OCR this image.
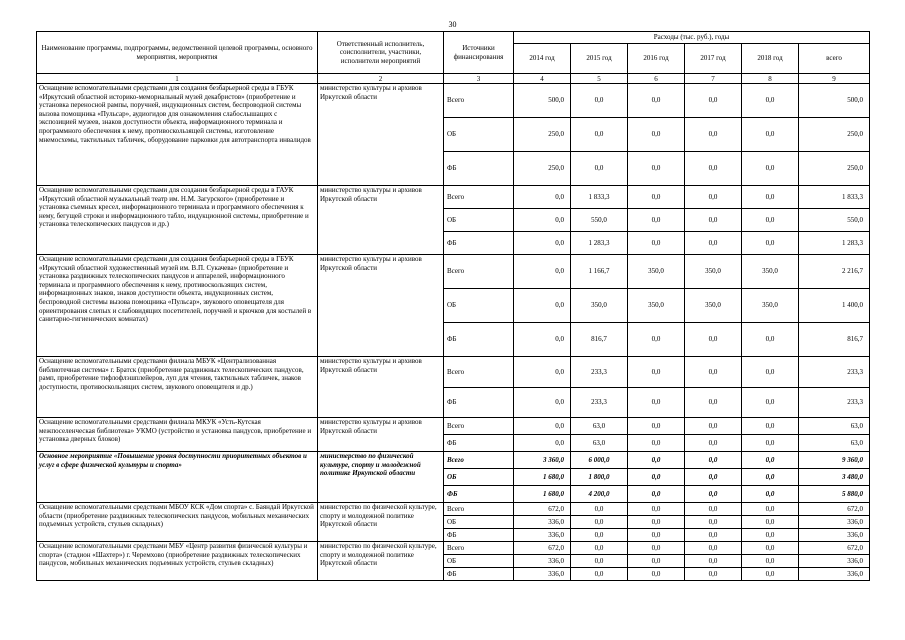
30
Наименование программы, подпрограммы, ведомственной целевой программы, основного мероприятия, мероприятия	Ответственный исполнитель, соисполнители, участники, исполнители мероприятий	Источники финансирования	Расходы (тыс. руб.), годы					
			2014 год	2015 год	2016 год	2017 год	2018 год	всего
1	2	3	4	5	6	7	8	9
Оснащение вспомогательными средствами для создания безбарьерной среды в ГБУК «Иркутский областной историко-мемориальный музей декабристов» (приобретение и установка переносной рампы, поручней, индукционных систем, беспроводной системы вызова помощника «Пульсар», аудиогидов для ознакомления слабослышащих с экспозицией музеев, знаков доступности объекта, информационного терминала и программного обеспечения к нему, противоскользящей системы, изготовление мнемосхемы, тактильных табличек, оборудование парковки для автотранспорта инвалидов	министерство культуры и архивов Иркутской области	Всего	500,0	0,0	0,0	0,0	0,0	500,0
		ОБ	250,0	0,0	0,0	0,0	0,0	250,0
		ФБ	250,0	0,0	0,0	0,0	0,0	250,0
Оснащение вспомогательными средствами для создания безбарьерной среды в ГАУК «Иркутский областной музыкальный театр им. Н.М. Загурского» (приобретение и установка съемных кресел, информационного терминала и программного обеспечения к нему, бегущей строки и информационного табло, индукционной системы, приобретение и установка телескопических пандусов и др.)	министерство культуры и архивов Иркутской области	Всего	0,0	1 833,3	0,0	0,0	0,0	1 833,3
		ОБ	0,0	550,0	0,0	0,0	0,0	550,0
		ФБ	0,0	1 283,3	0,0	0,0	0,0	1 283,3
Оснащение вспомогательными средствами для создания безбарьерной среды в ГБУК «Иркутский областной художественный музей им. В.П. Сукачева» (приобретение и установка раздвижных телескопических пандусов и аппарелей, информационного терминала и программного обеспечения к нему, противоскользящих систем, информационных знаков, знаков доступности объекта, индукционных систем, беспроводной системы вызова помощника «Пульсар», звукового оповещателя для ориентирования слепых и слабовидящих посетителей, поручней и крючков для костылей в санитарно-гигиенических комнатах)	министерство культуры и архивов Иркутской области	Всего	0,0	1 166,7	350,0	350,0	350,0	2 216,7
		ОБ	0,0	350,0	350,0	350,0	350,0	1 400,0
		ФБ	0,0	816,7	0,0	0,0	0,0	816,7
Оснащение вспомогательными средствами филиала МБУК «Централизованная библиотечная система» г. Братск (приобретение раздвижных телескопических пандусов, рамп, приобретение тифлофлэшплейеров, луп для чтения, тактильных табличек, знаков доступности, противоскользящих систем, звукового оповещателя и др.)	министерство культуры и архивов Иркутской области	Всего	0,0	233,3	0,0	0,0	0,0	233,3
		ФБ	0,0	233,3	0,0	0,0	0,0	233,3
Оснащение вспомогательными средствами филиала МКУК «Усть-Кутская межпоселенческая библиотека» УКМО (устройство и установка пандусов, приобретение и установка дверных блоков)	министерство культуры и архивов Иркутской области	Всего	0,0	63,0	0,0	0,0	0,0	63,0
		ФБ	0,0	63,0	0,0	0,0	0,0	63,0
Основное мероприятие «Повышение уровня доступности приоритетных объектов и услуг в сфере физической культуры и спорта»	министерство по физической культуре, спорту и молодежной политике Иркутской области	Всего	3 360,0	6 000,0	0,0	0,0	0,0	9 360,0
		ОБ	1 680,0	1 800,0	0,0	0,0	0,0	3 480,0
		ФБ	1 680,0	4 200,0	0,0	0,0	0,0	5 880,0
Оснащение вспомогательными средствами МБОУ КСК «Дом спорта» с. Баяндай Иркутской области (приобретение раздвижных телескопических пандусов, мобильных механических подъемных устройств, стульев складных)	министерство по физической культуре, спорту и молодежной политике Иркутской области	Всего	672,0	0,0	0,0	0,0	0,0	672,0
		ОБ	336,0	0,0	0,0	0,0	0,0	336,0
		ФБ	336,0	0,0	0,0	0,0	0,0	336,0
Оснащение вспомогательными средствами МБУ «Центр развития физической культуры и спорта» (стадион «Шахтер») г. Черемхово (приобретение раздвижных телескопических пандусов, мобильных механических подъемных устройств, стульев складных)	министерство по физической культуре, спорту и молодежной политике Иркутской области	Всего	672,0	0,0	0,0	0,0	0,0	672,0
		ОБ	336,0	0,0	0,0	0,0	0,0	336,0
		ФБ	336,0	0,0	0,0	0,0	0,0	336,0
